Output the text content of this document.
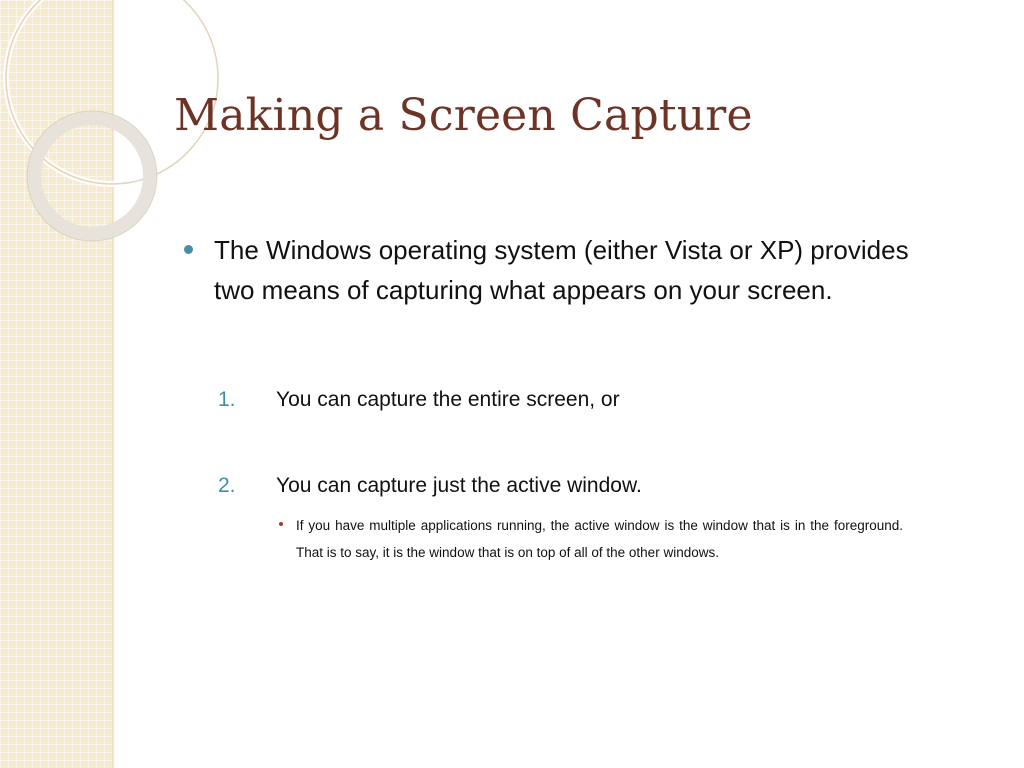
Making a Screen Capture
The Windows operating system (either Vista or XP) provides two means of capturing what appears on your screen.
1. You can capture the entire screen, or
2. You can capture just the active window.
If you have multiple applications running, the active window is the window that is in the foreground. That is to say, it is the window that is on top of all of the other windows.
